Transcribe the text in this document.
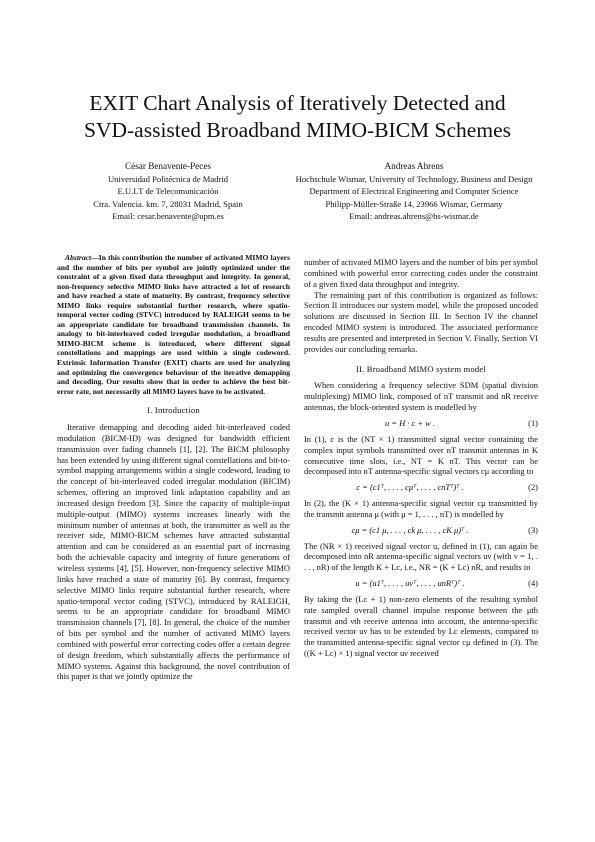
EXIT Chart Analysis of Iteratively Detected and
SVD-assisted Broadband MIMO-BICM Schemes
César Benavente-Peces
Universidad Politécnica de Madrid
E.U.I.T de Telecomunicación
Ctra. Valencia. km. 7, 28031 Madrid, Spain
Email: cesar.benavente@upm.es
Andreas Ahrens
Hochschule Wismar, University of Technology, Business and Design
Department of Electrical Engineering and Computer Science
Philipp-Müller-Straße 14, 23966 Wismar, Germany
Email: andreas.ahrens@hs-wismar.de

Abstract—In this contribution the number of activated MIMO layers and the number of bits per symbol are jointly optimized under the constraint of a given fixed data throughput and integrity. In general, non-frequency selective MIMO links have attracted a lot of research and have reached a state of maturity. By contrast, frequency selective MIMO links require substantial further research, where spatio-temporal vector coding (STVC) introduced by RALEIGH seems to be an appropriate candidate for broadband transmission channels. In analogy to bit-interleaved coded irregular modulation, a broadband MIMO-BICM scheme is introduced, where different signal constellations and mappings are used within a single codeword. Extrinsic Information Transfer (EXIT) charts are used for analyzing and optimizing the convergence behaviour of the iterative demapping and decoding. Our results show that in order to achieve the best bit-error rate, not necessarily all MIMO layers have to be activated.

I. Introduction

Iterative demapping and decoding aided bit-interleaved coded modulation (BICM-ID) was designed for bandwidth efficient transmission over fading channels [1], [2]. The BICM philosophy has been extended by using different signal constellations and bit-to-symbol mapping arrangements within a single codeword, leading to the concept of bit-interleaved coded irregular modulation (BICIM) schemes, offering an improved link adaptation capability and an increased design freedom [3]. Since the capacity of multiple-input multiple-output (MIMO) systems increases linearly with the minimum number of antennas at both, the transmitter as well as the receiver side, MIMO-BICM schemes have attracted substantial attention and can be considered as an essential part of increasing both the achievable capacity and integrity of future generations of wireless systems [4], [5]. However, non-frequency selective MIMO links have reached a state of maturity [6]. By contrast, frequency selective MIMO links require substantial further research, where spatio-temporal vector coding (STVC), introduced by RALEIGH, seems to be an appropriate candidate for broadband MIMO transmission channels [7], [8]. In general, the choice of the number of bits per symbol and the number of activated MIMO layers combined with powerful error correcting codes offer a certain degree of design freedom, which substantially affects the performance of MIMO systems. Against this background, the novel contribution of this paper is that we jointly optimize the

number of activated MIMO layers and the number of bits per symbol combined with powerful error correcting codes under the constraint of a given fixed data throughput and integrity.

The remaining part of this contribution is organized as follows: Section II introduces our system model, while the proposed uncoded solutions are discussed in Section III. In Section IV the channel encoded MIMO system is introduced. The associated performance results are presented and interpreted in Section V. Finally, Section VI provides our concluding remarks.

II. Broadband MIMO system model

When considering a frequency selective SDM (spatial division multiplexing) MIMO link, composed of nT transmit and nR receive antennas, the block-oriented system is modelled by

u = H · c + w .	(1)

In (1), c is the (NT × 1) transmitted signal vector containing the complex input symbols transmitted over nT transmit antennas in K consecutive time slots, i.e., NT = K nT. This vector can be decomposed into nT antenna-specific signal vectors cμ according to

c = (c1ᵀ, . . . , cμᵀ, . . . , cnTᵀ)ᵀ .	(2)

In (2), the (K × 1) antenna-specific signal vector cμ transmitted by the transmit antenna μ (with μ = 1, . . . , nT) is modelled by

cμ = (c1 μ, . . . , ck μ, . . . , cK μ)ᵀ .	(3)

The (NR × 1) received signal vector u, defined in (1), can again be decomposed into nR antenna-specific signal vectors uν (with ν = 1, . . . , nR) of the length K + Lc, i.e., NR = (K + Lc) nR, and results in

u = (u1ᵀ, . . . , uνᵀ, . . . , unRᵀ)ᵀ .	(4)

By taking the (Lc + 1) non-zero elements of the resulting symbol rate sampled overall channel impulse response between the μth transmit and νth receive antenna into account, the antenna-specific received vector uν has to be extended by Lc elements, compared to the transmitted antenna-specific signal vector cμ defined in (3). The ((K + Lc) × 1) signal vector uν received
